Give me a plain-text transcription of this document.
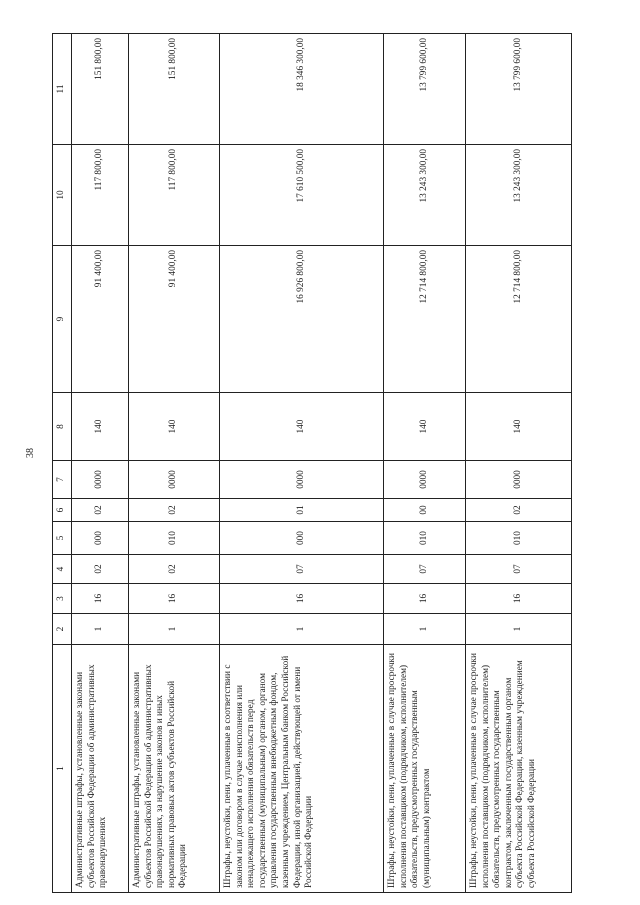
38
1	2	3	4	5	6	7	8	9	10	11
Административные штрафы, установленные законами субъектов Российской Федерации об административных правонарушениях	1	16	02	000	02	0000	140	91 400,00	117 800,00	151 800,00
Административные штрафы, установленные законами субъектов Российской Федерации об административных правонарушениях, за нарушение законов и иных нормативных правовых актов субъектов Российской Федерации	1	16	02	010	02	0000	140	91 400,00	117 800,00	151 800,00
Штрафы, неустойки, пени, уплаченные в соответствии с законом или договором в случае неисполнения или ненадлежащего исполнения обязательств перед государственным (муниципальным) органом, органом управления государственным внебюджетным фондом, казенным учреждением, Центральным банком Российской Федерации, иной организацией, действующей от имени Российской Федерации	1	16	07	000	01	0000	140	16 926 800,00	17 610 500,00	18 346 300,00
Штрафы, неустойки, пени, уплаченные в случае просрочки исполнения поставщиком (подрядчиком, исполнителем) обязательств, предусмотренных государственным (муниципальным) контрактом	1	16	07	010	00	0000	140	12 714 800,00	13 243 300,00	13 799 600,00
Штрафы, неустойки, пени, уплаченные в случае просрочки исполнения поставщиком (подрядчиком, исполнителем) обязательств, предусмотренных государственным контрактом, заключенным государственным органом субъекта Российской Федерации, казенным учреждением субъекта Российской Федерации	1	16	07	010	02	0000	140	12 714 800,00	13 243 300,00	13 799 600,00
